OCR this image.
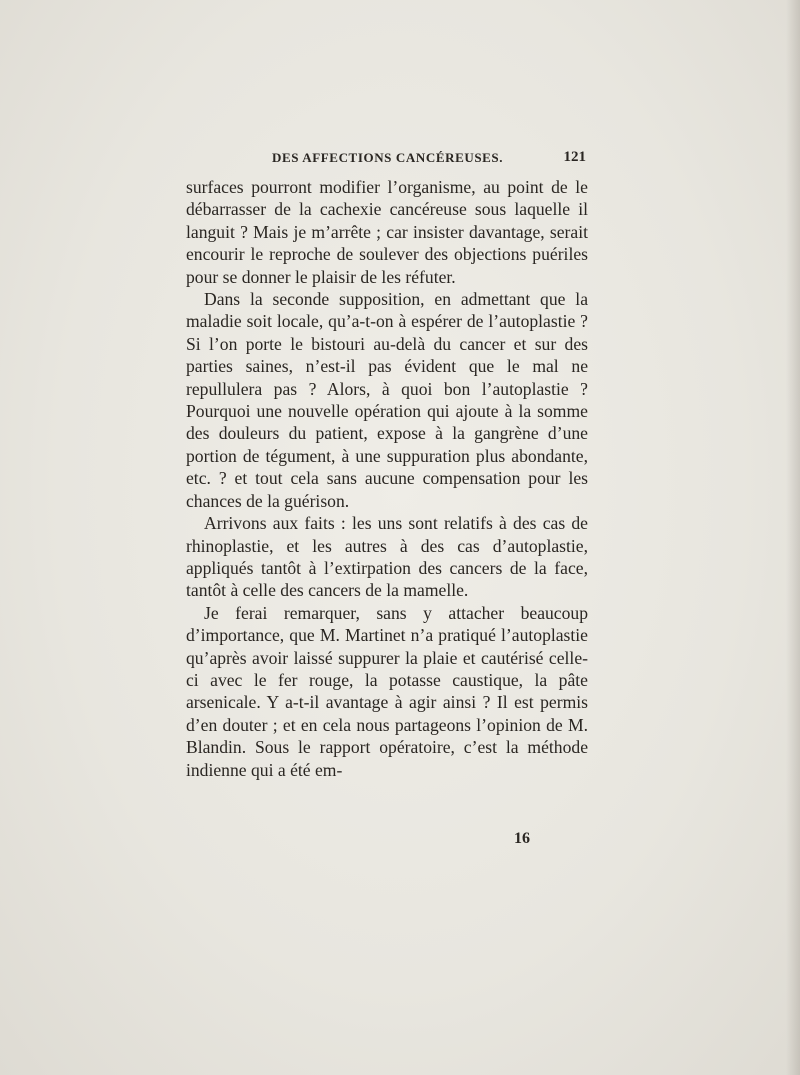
DES AFFECTIONS CANCÉREUSES.	121

surfaces pourront modifier l’organisme, au point de le débarrasser de la cachexie cancéreuse sous laquelle il languit ? Mais je m’arrête ; car insister davantage, serait encourir le reproche de soulever des objections puériles pour se donner le plaisir de les réfuter.

Dans la seconde supposition, en admettant que la maladie soit locale, qu’a-t-on à espérer de l’autoplastie ? Si l’on porte le bistouri au-delà du cancer et sur des parties saines, n’est-il pas évident que le mal ne repullulera pas ? Alors, à quoi bon l’autoplastie ? Pourquoi une nouvelle opération qui ajoute à la somme des douleurs du patient, expose à la gangrène d’une portion de tégument, à une suppuration plus abondante, etc. ? et tout cela sans aucune compensation pour les chances de la guérison.

Arrivons aux faits : les uns sont relatifs à des cas de rhinoplastie, et les autres à des cas d’autoplastie, appliqués tantôt à l’extirpation des cancers de la face, tantôt à celle des cancers de la mamelle.

Je ferai remarquer, sans y attacher beaucoup d’importance, que M. Martinet n’a pratiqué l’autoplastie qu’après avoir laissé suppurer la plaie et cautérisé celle-ci avec le fer rouge, la potasse caustique, la pâte arsenicale. Y a-t-il avantage à agir ainsi ? Il est permis d’en douter ; et en cela nous partageons l’opinion de M. Blandin. Sous le rapport opératoire, c’est la méthode indienne qui a été em-

16
